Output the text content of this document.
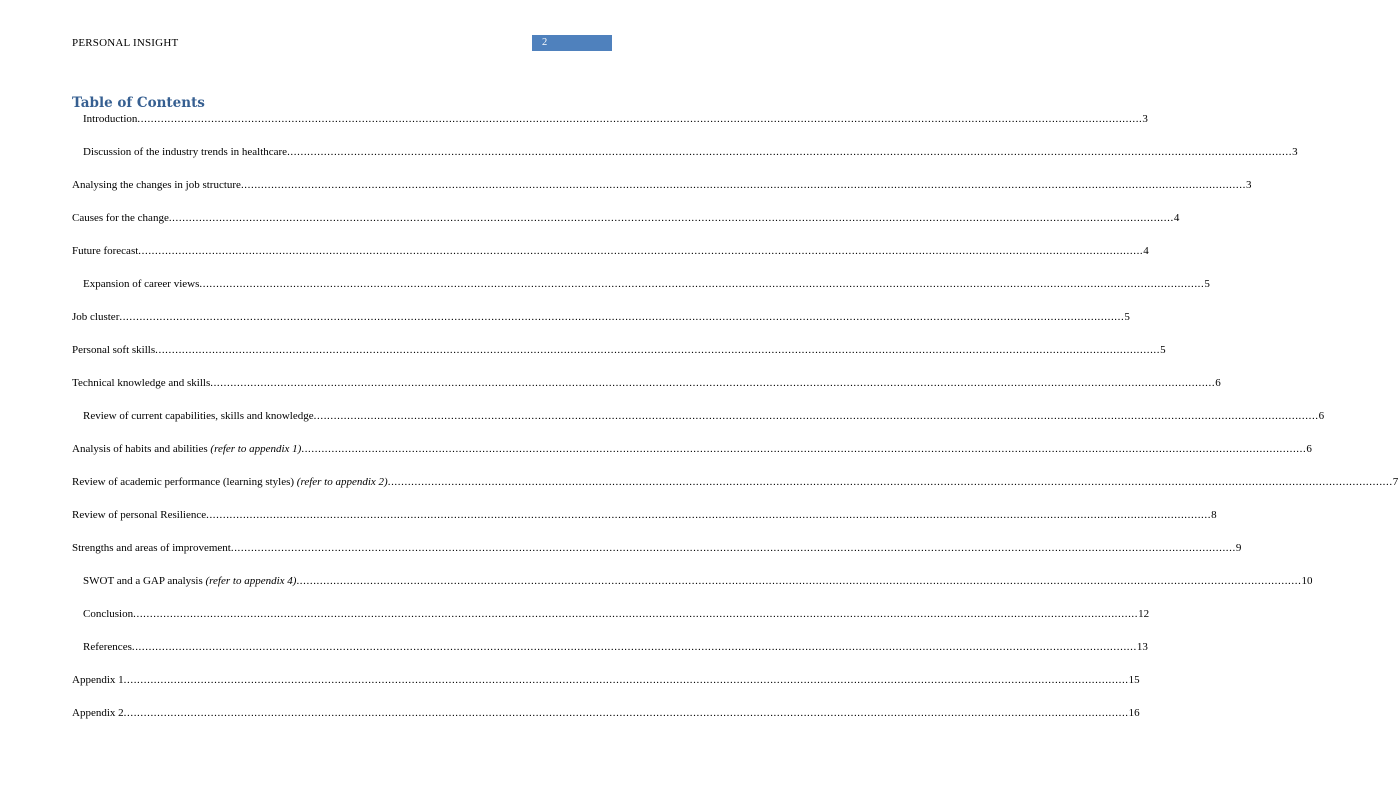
PERSONAL INSIGHT	2
Table of Contents
Introduction ............................................................................................................................................................................................................................................................................................................ 3
Discussion of the industry trends in healthcare ............................................................................................................................................................................................................................................................................................................ 3
Analysing the changes in job structure ............................................................................................................................................................................................................................................................................................................ 3
Causes for the change ............................................................................................................................................................................................................................................................................................................ 4
Future forecast ............................................................................................................................................................................................................................................................................................................ 4
Expansion of career views ............................................................................................................................................................................................................................................................................................................ 5
Job cluster ............................................................................................................................................................................................................................................................................................................ 5
Personal soft skills ............................................................................................................................................................................................................................................................................................................ 5
Technical knowledge and skills ............................................................................................................................................................................................................................................................................................................ 6
Review of current capabilities, skills and knowledge ............................................................................................................................................................................................................................................................................................................ 6
Analysis of habits and abilities (refer to appendix 1) ............................................................................................................................................................................................................................................................................................................ 6
Review of academic performance (learning styles) (refer to appendix 2) ............................................................................................................................................................................................................................................................................................................ 7
Review of personal Resilience ............................................................................................................................................................................................................................................................................................................ 8
Strengths and areas of improvement ............................................................................................................................................................................................................................................................................................................ 9
SWOT and a GAP analysis (refer to appendix 4) ............................................................................................................................................................................................................................................................................................................ 10
Conclusion ............................................................................................................................................................................................................................................................................................................ 12
References ............................................................................................................................................................................................................................................................................................................ 13
Appendix 1 ............................................................................................................................................................................................................................................................................................................ 15
Appendix 2 ............................................................................................................................................................................................................................................................................................................ 16
